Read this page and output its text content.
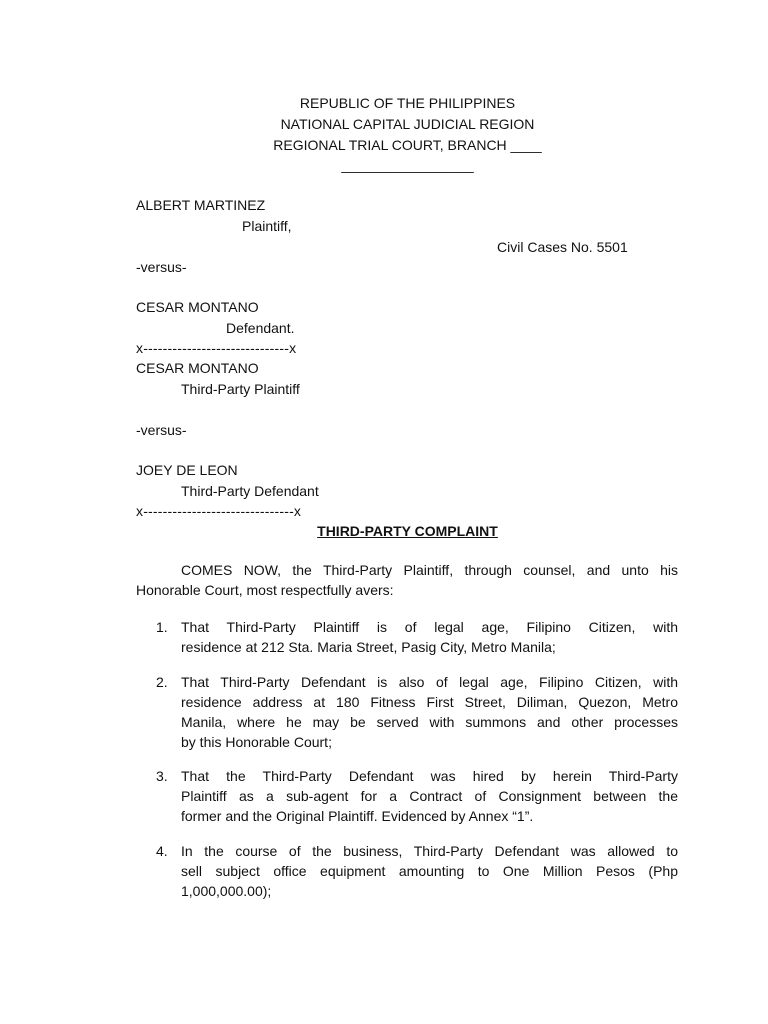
REPUBLIC OF THE PHILIPPINES
NATIONAL CAPITAL JUDICIAL REGION
REGIONAL TRIAL COURT, BRANCH ____
_________________
ALBERT MARTINEZ
Plaintiff,
Civil Cases No. 5501
-versus-
CESAR MONTANO
Defendant.
x------------------------------x
CESAR MONTANO
Third-Party Plaintiff
-versus-
JOEY DE LEON
Third-Party Defendant
x-------------------------------x
THIRD-PARTY COMPLAINT
COMES NOW, the Third-Party Plaintiff, through counsel, and unto his
Honorable Court, most respectfully avers:
1. That Third-Party Plaintiff is of legal age, Filipino Citizen, with
residence at 212 Sta. Maria Street, Pasig City, Metro Manila;
2. That Third-Party Defendant is also of legal age, Filipino Citizen, with
residence address at 180 Fitness First Street, Diliman, Quezon, Metro
Manila, where he may be served with summons and other processes
by this Honorable Court;
3. That the Third-Party Defendant was hired by herein Third-Party
Plaintiff as a sub-agent for a Contract of Consignment between the
former and the Original Plaintiff. Evidenced by Annex “1”.
4. In the course of the business, Third-Party Defendant was allowed to
sell subject office equipment amounting to One Million Pesos (Php
1,000,000.00);
